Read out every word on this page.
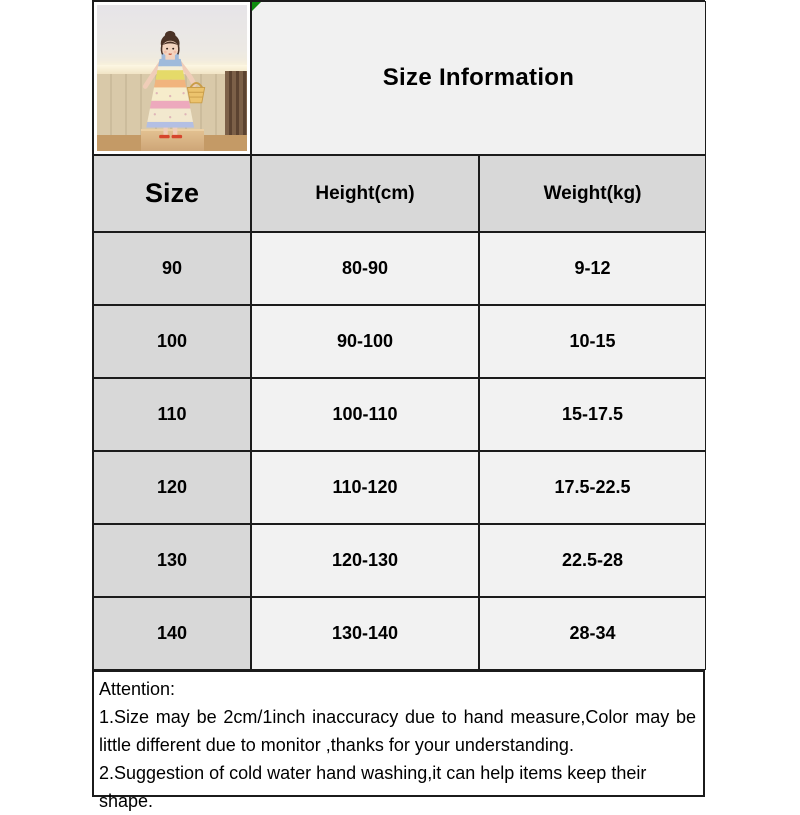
Size Information
Size	Height(cm)	Weight(kg)
90	80-90	9-12
100	90-100	10-15
110	100-110	15-17.5
120	110-120	17.5-22.5
130	120-130	22.5-28
140	130-140	28-34
Attention:
1.Size may be 2cm/1inch inaccuracy due to hand measure,Color may be little different due to monitor ,thanks for your understanding.
2.Suggestion of cold water hand washing,it can help items keep their shape.
